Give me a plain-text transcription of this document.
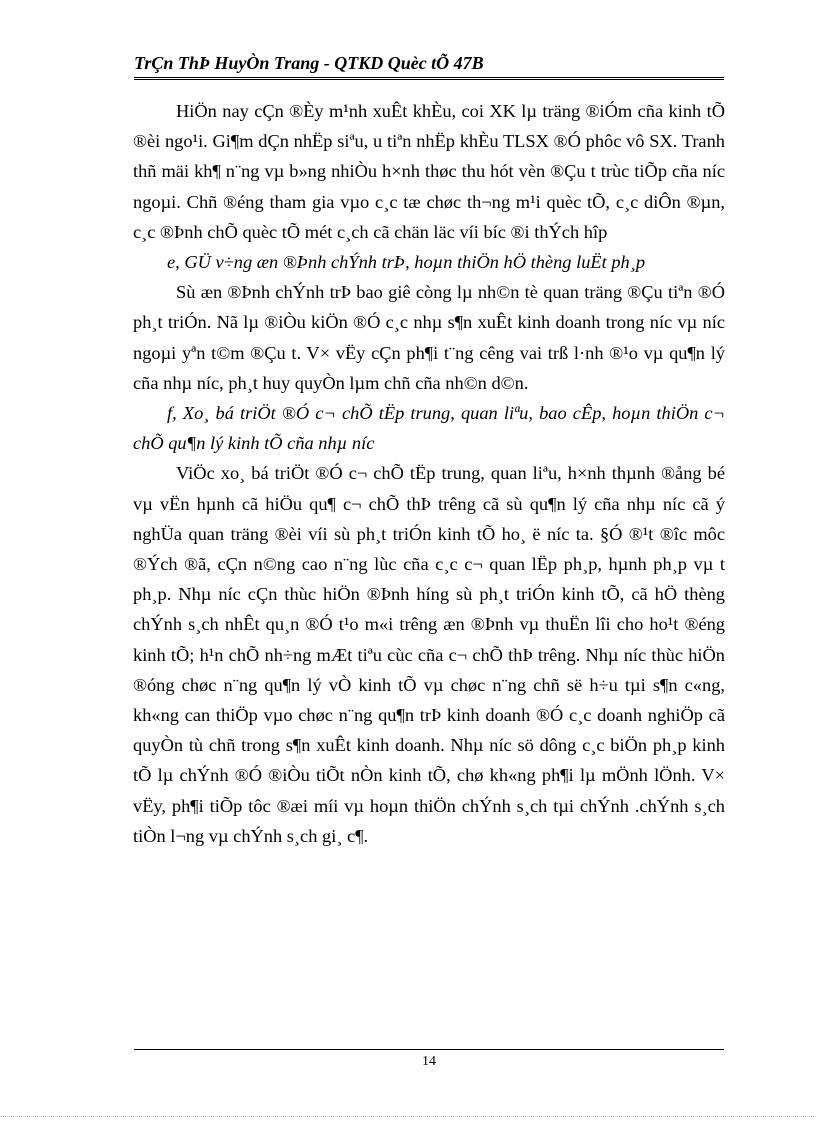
TrÇn ThÞ HuyÒn Trang - QTKD Quèc tÕ 47B

HiÖn nay cÇn ®Èy m¹nh xuÊt khÈu, coi XK lµ träng ®iÓm cña kinh tÕ ®èi ngo¹i. Gi¶m dÇn nhËp siªu, u tiªn nhËp khÈu TLSX ®Ó phôc vô SX. Tranh thñ mäi kh¶ n¨ng vµ b»ng nhiÒu h×nh thøc thu hót vèn ®Çu t trùc tiÕp cña níc ngoµi. Chñ ®éng tham gia vµo c¸c tæ chøc th¬ng m¹i quèc tÕ, c¸c diÔn ®µn, c¸c ®Þnh chÕ quèc tÕ mét c¸ch cã chän läc víi bíc ®i thÝch hîp

e, GÜ v÷ng æn ®Þnh chÝnh trÞ, hoµn thiÖn hÖ thèng luËt ph¸p

Sù æn ®Þnh chÝnh trÞ bao giê còng lµ nh©n tè quan träng ®Çu tiªn ®Ó ph¸t triÓn. Nã lµ ®iÒu kiÖn ®Ó c¸c nhµ s¶n xuÊt kinh doanh trong níc vµ níc ngoµi yªn t©m ®Çu t. V× vËy cÇn ph¶i t¨ng cêng vai trß l·nh ®¹o vµ qu¶n lý cña nhµ níc, ph¸t huy quyÒn lµm chñ cña nh©n d©n.

f, Xo¸ bá triÖt ®Ó c¬ chÕ tËp trung, quan liªu, bao cÊp, hoµn thiÖn c¬ chÕ qu¶n lý kinh tÕ cña nhµ níc

ViÖc xo¸ bá triÖt ®Ó c¬ chÕ tËp trung, quan liªu, h×nh thµnh ®ång bé vµ vËn hµnh cã hiÖu qu¶ c¬ chÕ thÞ trêng cã sù qu¶n lý cña nhµ níc cã ý nghÜa quan träng ®èi víi sù ph¸t triÓn kinh tÕ ho¸ ë níc ta. §Ó ®¹t ®îc môc ®Ých ®ã, cÇn n©ng cao n¨ng lùc cña c¸c c¬ quan lËp ph¸p, hµnh ph¸p vµ t ph¸p. Nhµ níc cÇn thùc hiÖn ®Þnh híng sù ph¸t triÓn kinh tÕ, cã hÖ thèng chÝnh s¸ch nhÊt qu¸n ®Ó t¹o m«i trêng æn ®Þnh vµ thuËn lîi cho ho¹t ®éng kinh tÕ; h¹n chÕ nh÷ng mÆt tiªu cùc cña c¬ chÕ thÞ trêng. Nhµ níc thùc hiÖn ®óng chøc n¨ng qu¶n lý vÒ kinh tÕ vµ chøc n¨ng chñ së h÷u tµi s¶n c«ng, kh«ng can thiÖp vµo chøc n¨ng qu¶n trÞ kinh doanh ®Ó c¸c doanh nghiÖp cã quyÒn tù chñ trong s¶n xuÊt kinh doanh. Nhµ níc sö dông c¸c biÖn ph¸p kinh tÕ lµ chÝnh ®Ó ®iÒu tiÕt nÒn kinh tÕ, chø kh«ng ph¶i lµ mÖnh lÖnh. V× vËy, ph¶i tiÕp tôc ®æi míi vµ hoµn thiÖn chÝnh s¸ch tµi chÝnh .chÝnh s¸ch tiÒn l¬ng vµ chÝnh s¸ch gi¸ c¶.

14
